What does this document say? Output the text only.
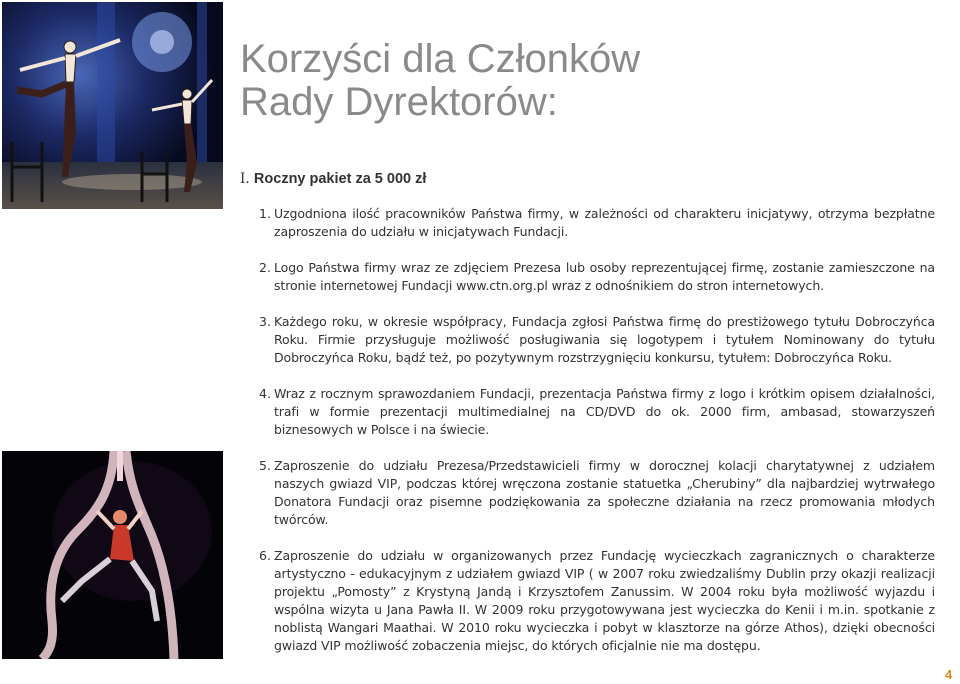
Korzyści dla Członków
Rady Dyrektorów:
I. Roczny pakiet za 5 000 zł
1. Uzgodniona ilość pracowników Państwa firmy, w zależności od charakteru inicjatywy, otrzyma bezpłatne zaproszenia do udziału w inicjatywach Fundacji.
2. Logo Państwa firmy wraz ze zdjęciem Prezesa lub osoby reprezentującej firmę, zostanie zamieszczone na stronie internetowej Fundacji www.ctn.org.pl wraz z odnośnikiem do stron internetowych.
3. Każdego roku, w okresie współpracy, Fundacja zgłosi Państwa firmę do prestiżowego tytułu Dobroczyńca Roku. Firmie przysługuje możliwość posługiwania się logotypem i tytułem Nominowany do tytułu Dobroczyńca Roku, bądź też, po pozytywnym rozstrzygnięciu konkursu, tytułem: Dobroczyńca Roku.
4. Wraz z rocznym sprawozdaniem Fundacji, prezentacja Państwa firmy z logo i krótkim opisem działalności, trafi w formie prezentacji multimedialnej na CD/DVD do ok. 2000 firm, ambasad, stowarzyszeń biznesowych w Polsce i na świecie.
5. Zaproszenie do udziału Prezesa/Przedstawicieli firmy w dorocznej kolacji charytatywnej z udziałem naszych gwiazd VIP, podczas której wręczona zostanie statuetka „Cherubiny” dla najbardziej wytrwałego Donatora Fundacji oraz pisemne podziękowania za społeczne działania na rzecz promowania młodych twórców.
6. Zaproszenie do udziału w organizowanych przez Fundację wycieczkach zagranicznych o charakterze artystyczno - edukacyjnym z udziałem gwiazd VIP ( w 2007 roku zwiedzaliśmy Dublin przy okazji realizacji projektu „Pomosty” z Krystyną Jandą i Krzysztofem Zanussim. W 2004 roku była możliwość wyjazdu i wspólna wizyta u Jana Pawła II. W 2009 roku przygotowywana jest wycieczka do Kenii i m.in. spotkanie z noblistą Wangari Maathai. W 2010 roku wycieczka i pobyt w klasztorze na górze Athos), dzięki obecności gwiazd VIP możliwość zobaczenia miejsc, do których oficjalnie nie ma dostępu.
4
